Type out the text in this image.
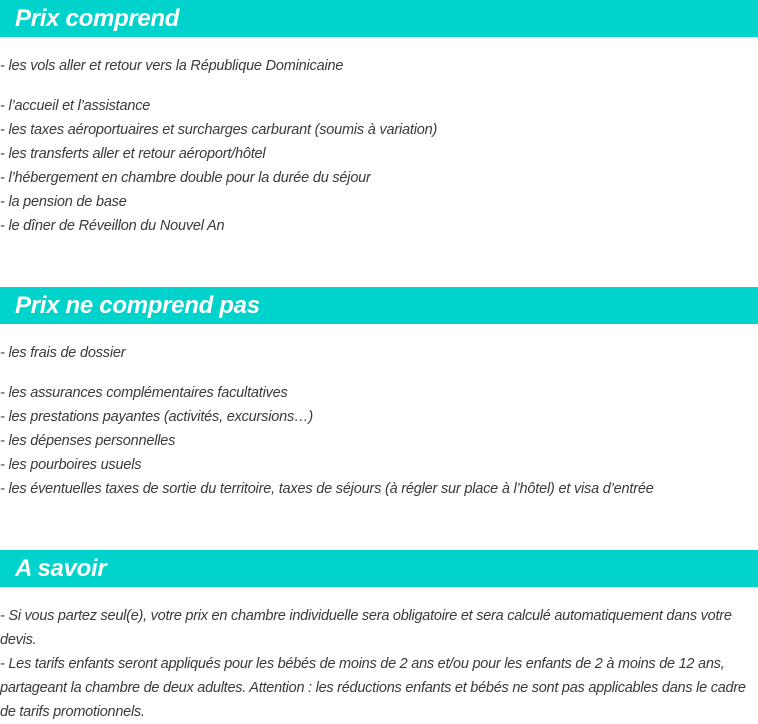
Prix comprend
- les vols aller et retour vers la République Dominicaine
- l’accueil et l’assistance
- les taxes aéroportuaires et surcharges carburant (soumis à variation)
- les transferts aller et retour aéroport/hôtel
- l’hébergement en chambre double pour la durée du séjour
- la pension de base
- le dîner de Réveillon du Nouvel An
Prix ne comprend pas
- les frais de dossier
- les assurances complémentaires facultatives
- les prestations payantes (activités, excursions…)
- les dépenses personnelles
- les pourboires usuels
- les éventuelles taxes de sortie du territoire, taxes de séjours (à régler sur place à l’hôtel) et visa d’entrée
A savoir
- Si vous partez seul(e), votre prix en chambre individuelle sera obligatoire et sera calculé automatiquement dans votre devis.
- Les tarifs enfants seront appliqués pour les bébés de moins de 2 ans et/ou pour les enfants de 2 à moins de 12 ans, partageant la chambre de deux adultes. Attention : les réductions enfants et bébés ne sont pas applicables dans le cadre de tarifs promotionnels.
